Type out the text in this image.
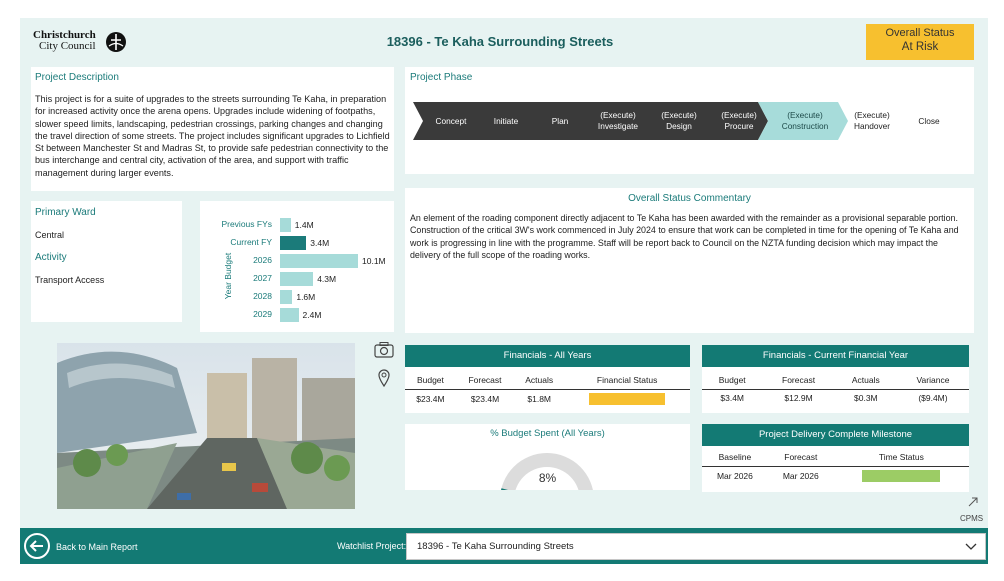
Christchurch
City Council	18396 - Te Kaha Surrounding Streets
Overall Status
At Risk
Project Description
This project is for a suite of upgrades to the streets surrounding Te Kaha, in preparation for increased activity once the arena opens. Upgrades include widening of footpaths, slower speed limits, landscaping, pedestrian crossings, parking changes and changing the travel direction of some streets. The project includes significant upgrades to Lichfield St between Manchester St and Madras St, to provide safe pedestrian connectivity to the bus interchange and central city, activation of the area, and support with traffic management during larger events.
Project Phase
Concept	Initiate	Plan
(Execute)
Investigate
(Execute)
Design
(Execute)
Procure
(Execute)
Construction
(Execute)
Handover
Close
Primary Ward
Central
Activity
Transport Access	Year Budget
Previous FYs	1.4M
Current FY	3.4M
2026	10.1M
2027	4.3M
2028	1.6M
2029	2.4M
Overall Status Commentary
An element of the roading component directly adjacent to Te Kaha has been awarded with the remainder as a provisional separable portion. Construction of the critical 3W's work commenced in July 2024 to ensure that work can be completed in time for the opening of Te Kaha and work is progressing in line with the programme. Staff will be report back to Council on the NZTA funding decision which may impact the delivery of the full scope of the roading works.
Financials - All Years
Budget	Forecast	Actuals	Financial Status
$23.4M	$23.4M	$1.8M	
Financials - Current Financial Year
Budget	Forecast	Actuals	Variance
$3.4M	$12.9M	$0.3M	($9.4M)
% Budget Spent (All Years)
8%
Project Delivery Complete Milestone
Baseline	Forecast	Time Status
Mar 2026	Mar 2026	
CPMS
Back to Main Report	Watchlist Project:	18396 - Te Kaha Surrounding Streets
